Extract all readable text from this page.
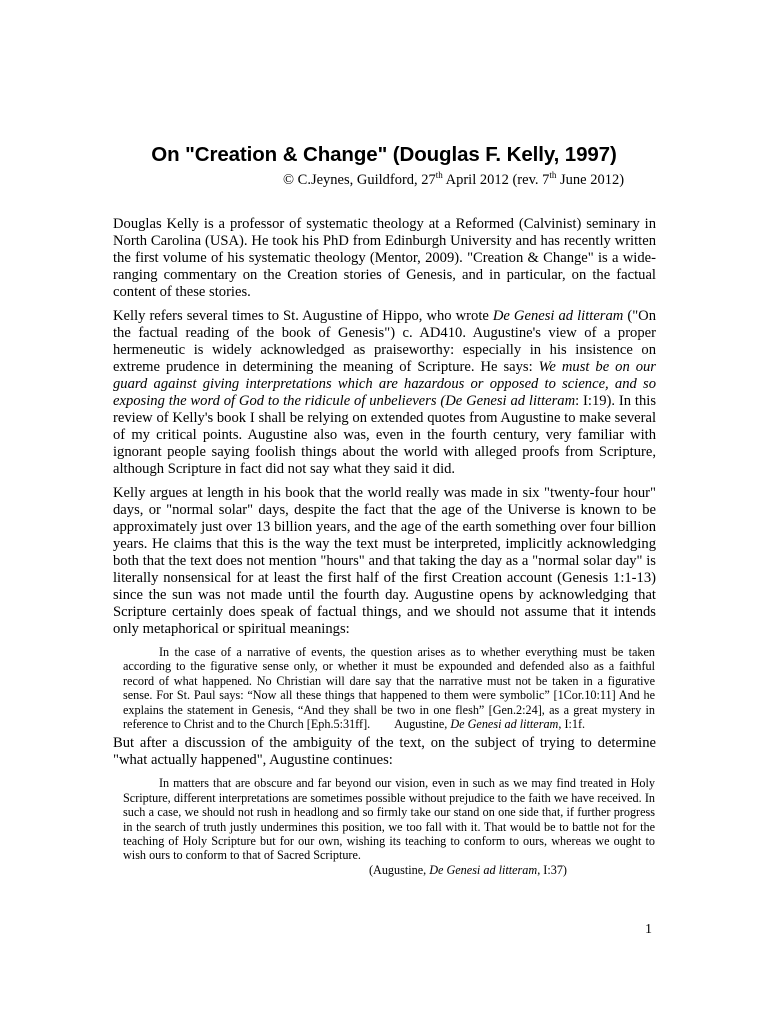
On "Creation & Change" (Douglas F. Kelly, 1997)
© C.Jeynes, Guildford, 27th April 2012 (rev. 7th June 2012)

Douglas Kelly is a professor of systematic theology at a Reformed (Calvinist) seminary in North Carolina (USA). He took his PhD from Edinburgh University and has recently written the first volume of his systematic theology (Mentor, 2009). "Creation & Change" is a wide-ranging commentary on the Creation stories of Genesis, and in particular, on the factual content of these stories.

Kelly refers several times to St. Augustine of Hippo, who wrote De Genesi ad litteram ("On the factual reading of the book of Genesis") c. AD410. Augustine's view of a proper hermeneutic is widely acknowledged as praiseworthy: especially in his insistence on extreme prudence in determining the meaning of Scripture. He says: We must be on our guard against giving interpretations which are hazardous or opposed to science, and so exposing the word of God to the ridicule of unbelievers (De Genesi ad litteram: I:19). In this review of Kelly's book I shall be relying on extended quotes from Augustine to make several of my critical points. Augustine also was, even in the fourth century, very familiar with ignorant people saying foolish things about the world with alleged proofs from Scripture, although Scripture in fact did not say what they said it did.

Kelly argues at length in his book that the world really was made in six "twenty-four hour" days, or "normal solar" days, despite the fact that the age of the Universe is known to be approximately just over 13 billion years, and the age of the earth something over four billion years. He claims that this is the way the text must be interpreted, implicitly acknowledging both that the text does not mention "hours" and that taking the day as a "normal solar day" is literally nonsensical for at least the first half of the first Creation account (Genesis 1:1-13) since the sun was not made until the fourth day. Augustine opens by acknowledging that Scripture certainly does speak of factual things, and we should not assume that it intends only metaphorical or spiritual meanings:

In the case of a narrative of events, the question arises as to whether everything must be taken according to the figurative sense only, or whether it must be expounded and defended also as a faithful record of what happened. No Christian will dare say that the narrative must not be taken in a figurative sense. For St. Paul says: “Now all these things that happened to them were symbolic” [1Cor.10:11] And he explains the statement in Genesis, “And they shall be two in one flesh” [Gen.2:24], as a great mystery in reference to Christ and to the Church [Eph.5:31ff]. Augustine, De Genesi ad litteram, I:1f.

But after a discussion of the ambiguity of the text, on the subject of trying to determine "what actually happened", Augustine continues:

In matters that are obscure and far beyond our vision, even in such as we may find treated in Holy Scripture, different interpretations are sometimes possible without prejudice to the faith we have received. In such a case, we should not rush in headlong and so firmly take our stand on one side that, if further progress in the search of truth justly undermines this position, we too fall with it. That would be to battle not for the teaching of Holy Scripture but for our own, wishing its teaching to conform to ours, whereas we ought to wish ours to conform to that of Sacred Scripture.
(Augustine, De Genesi ad litteram, I:37)
1
